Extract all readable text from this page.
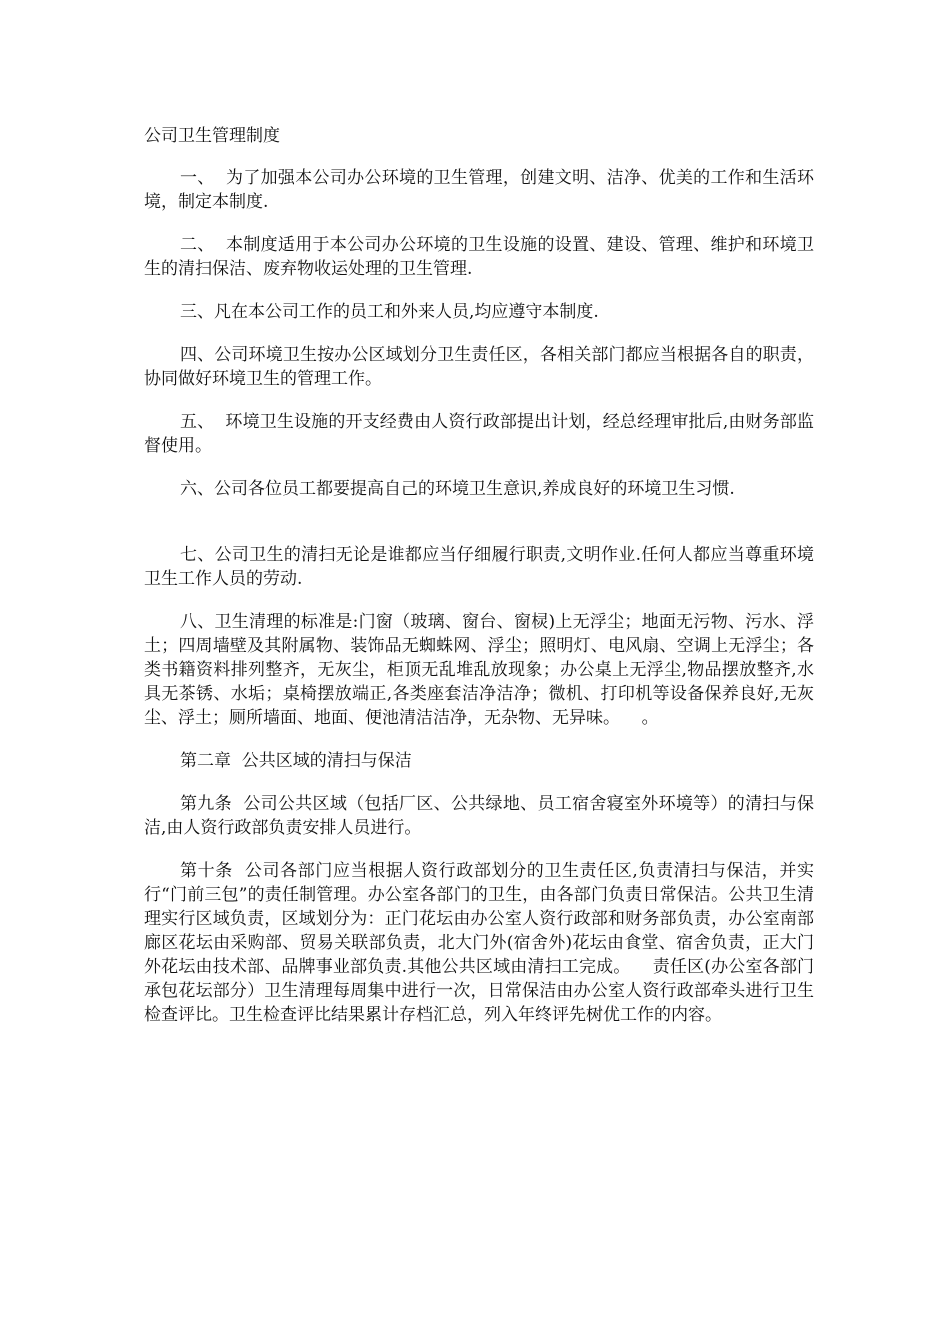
公司卫生管理制度

一、  为了加强本公司办公环境的卫生管理，创建文明、洁净、优美的工作和生活环境，制定本制度.

二、  本制度适用于本公司办公环境的卫生设施的设置、建设、管理、维护和环境卫生的清扫保洁、废弃物收运处理的卫生管理.

三、凡在本公司工作的员工和外来人员,均应遵守本制度.

四、公司环境卫生按办公区域划分卫生责任区，各相关部门都应当根据各自的职责，协同做好环境卫生的管理工作。

五、  环境卫生设施的开支经费由人资行政部提出计划，经总经理审批后,由财务部监督使用。

六、公司各位员工都要提高自己的环境卫生意识,养成良好的环境卫生习惯.

七、公司卫生的清扫无论是谁都应当仔细履行职责,文明作业.任何人都应当尊重环境卫生工作人员的劳动.

八、卫生清理的标准是:门窗（玻璃、窗台、窗棂)上无浮尘；地面无污物、污水、浮土；四周墙壁及其附属物、装饰品无蜘蛛网、浮尘；照明灯、电风扇、空调上无浮尘；各类书籍资料排列整齐，无灰尘，柜顶无乱堆乱放现象；办公桌上无浮尘,物品摆放整齐,水具无茶锈、水垢；桌椅摆放端正,各类座套洁净洁净；微机、打印机等设备保养良好,无灰尘、浮土；厕所墙面、地面、便池清洁洁净，无杂物、无异味。    。

第二章  公共区域的清扫与保洁

第九条  公司公共区域（包括厂区、公共绿地、员工宿舍寝室外环境等）的清扫与保洁,由人资行政部负责安排人员进行。

第十条  公司各部门应当根据人资行政部划分的卫生责任区,负责清扫与保洁，并实行“门前三包”的责任制管理。办公室各部门的卫生，由各部门负责日常保洁。公共卫生清理实行区域负责，区域划分为：正门花坛由办公室人资行政部和财务部负责，办公室南部廊区花坛由采购部、贸易关联部负责，北大门外(宿舍外)花坛由食堂、宿舍负责，正大门外花坛由技术部、品牌事业部负责.其他公共区域由清扫工完成。    责任区(办公室各部门承包花坛部分）卫生清理每周集中进行一次，日常保洁由办公室人资行政部牵头进行卫生检查评比。卫生检查评比结果累计存档汇总，列入年终评先树优工作的内容。
